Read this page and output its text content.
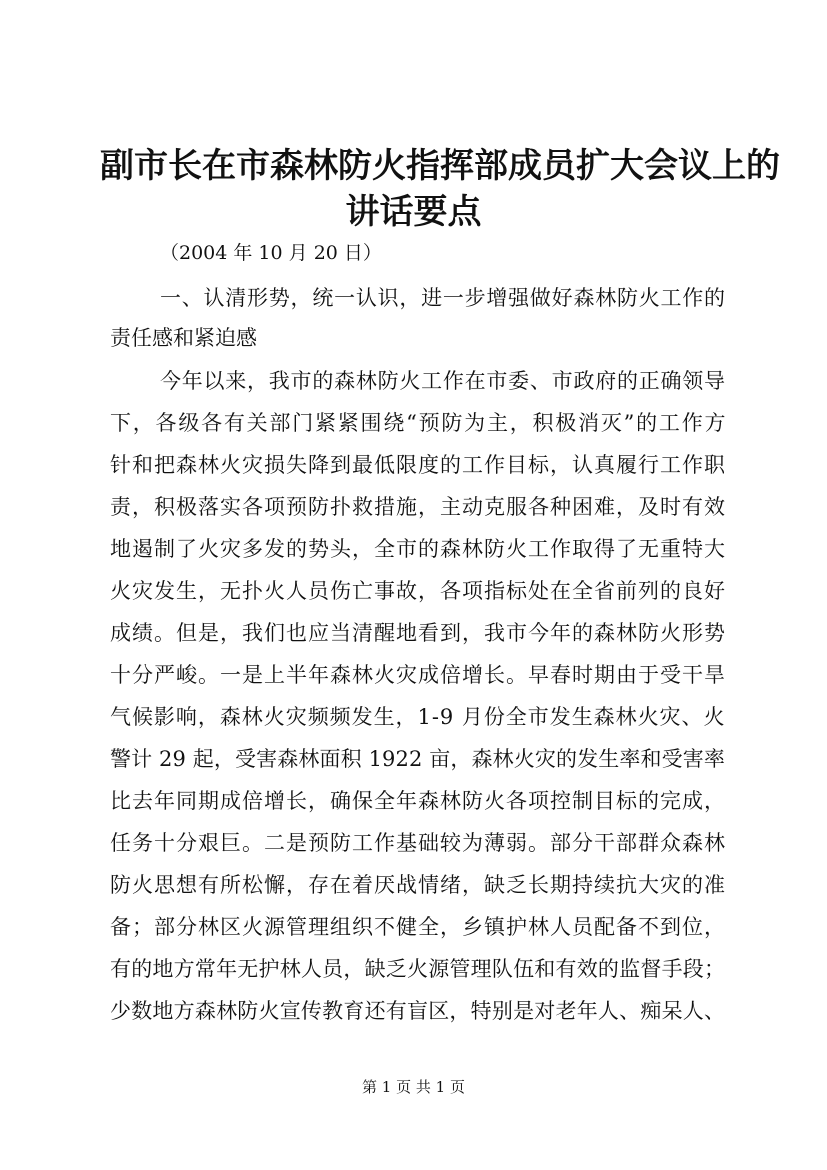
副市长在市森林防火指挥部成员扩大会议上的
讲话要点
（2004 年 10 月 20 日）
一、认清形势，统一认识，进一步增强做好森林防火工作的
责任感和紧迫感
今年以来，我市的森林防火工作在市委、市政府的正确领导
下，各级各有关部门紧紧围绕“预防为主，积极消灭”的工作方
针和把森林火灾损失降到最低限度的工作目标，认真履行工作职
责，积极落实各项预防扑救措施，主动克服各种困难，及时有效
地遏制了火灾多发的势头，全市的森林防火工作取得了无重特大
火灾发生，无扑火人员伤亡事故，各项指标处在全省前列的良好
成绩。但是，我们也应当清醒地看到，我市今年的森林防火形势
十分严峻。一是上半年森林火灾成倍增长。早春时期由于受干旱
气候影响，森林火灾频频发生，1-9 月份全市发生森林火灾、火
警计 29 起，受害森林面积 1922 亩，森林火灾的发生率和受害率
比去年同期成倍增长，确保全年森林防火各项控制目标的完成，
任务十分艰巨。二是预防工作基础较为薄弱。部分干部群众森林
防火思想有所松懈，存在着厌战情绪，缺乏长期持续抗大灾的准
备；部分林区火源管理组织不健全，乡镇护林人员配备不到位，
有的地方常年无护林人员，缺乏火源管理队伍和有效的监督手段；
少数地方森林防火宣传教育还有盲区，特别是对老年人、痴呆人、
第 1 页 共 1 页
